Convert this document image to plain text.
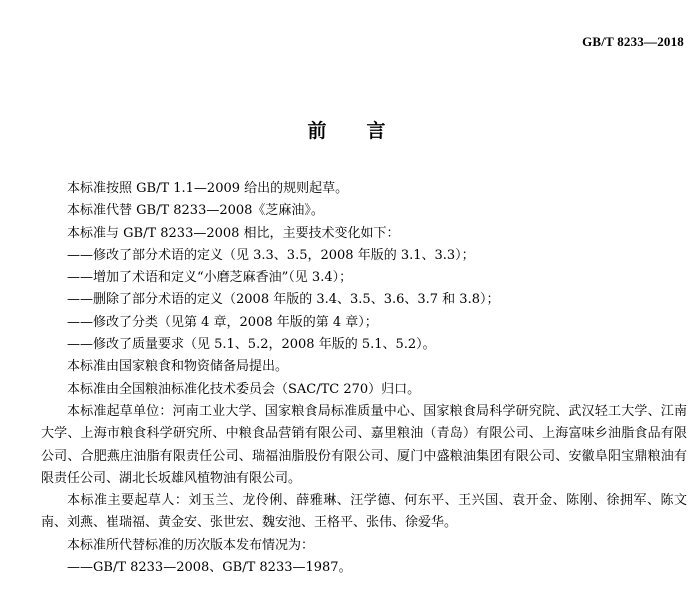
GB/T 8233—2018
前 言
本标准按照 GB/T 1.1—2009 给出的规则起草。
本标准代替 GB/T 8233—2008《芝麻油》。
本标准与 GB/T 8233—2008 相比，主要技术变化如下：
——修改了部分术语的定义（见 3.3、3.5，2008 年版的 3.1、3.3）；
——增加了术语和定义“小磨芝麻香油”（见 3.4）；
——删除了部分术语的定义（2008 年版的 3.4、3.5、3.6、3.7 和 3.8）；
——修改了分类（见第 4 章，2008 年版的第 4 章）；
——修改了质量要求（见 5.1、5.2，2008 年版的 5.1、5.2）。
本标准由国家粮食和物资储备局提出。
本标准由全国粮油标准化技术委员会（SAC/TC 270）归口。
本标准起草单位：河南工业大学、国家粮食局标准质量中心、国家粮食局科学研究院、武汉轻工大学、江南大学、上海市粮食科学研究所、中粮食品营销有限公司、嘉里粮油（青岛）有限公司、上海富味乡油脂食品有限公司、合肥燕庄油脂有限责任公司、瑞福油脂股份有限公司、厦门中盛粮油集团有限公司、安徽阜阳宝鼎粮油有限责任公司、湖北长坂雄风植物油有限公司。
本标准主要起草人：刘玉兰、龙伶俐、薛雅琳、汪学德、何东平、王兴国、袁开金、陈刚、徐拥军、陈文南、刘燕、崔瑞福、黄金安、张世宏、魏安池、王格平、张伟、徐爱华。
本标准所代替标准的历次版本发布情况为：
——GB/T 8233—2008、GB/T 8233—1987。
